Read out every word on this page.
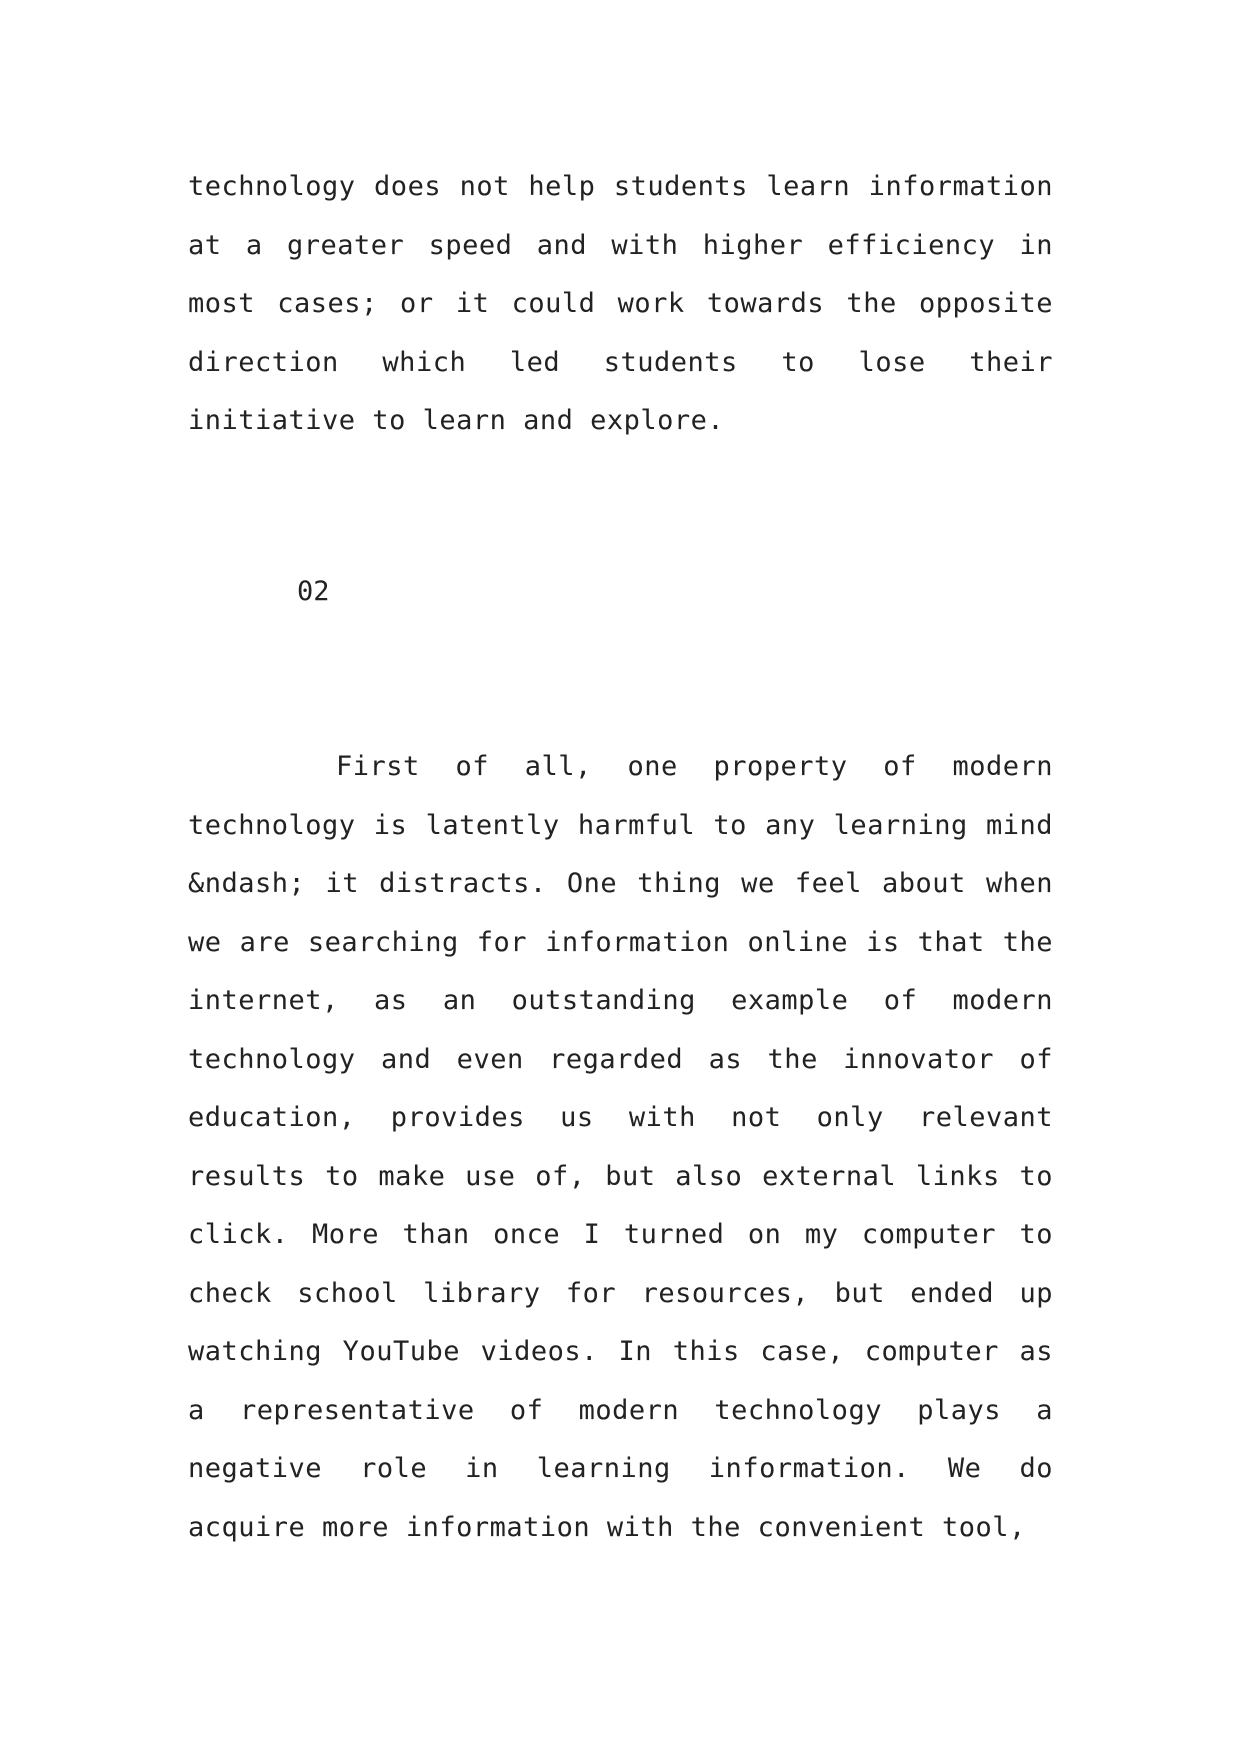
technology does not help students learn information at a greater speed and with higher efficiency in most cases; or it could work towards the opposite direction which led students to lose their initiative to learn and explore.

02

First of all, one property of modern technology is latently harmful to any learning mind &ndash; it distracts. One thing we feel about when we are searching for information online is that the internet, as an outstanding example of modern technology and even regarded as the innovator of education, provides us with not only relevant results to make use of, but also external links to click. More than once I turned on my computer to check school library for resources, but ended up watching YouTube videos. In this case, computer as a representative of modern technology plays a negative role in learning information. We do acquire more information with the convenient tool,
